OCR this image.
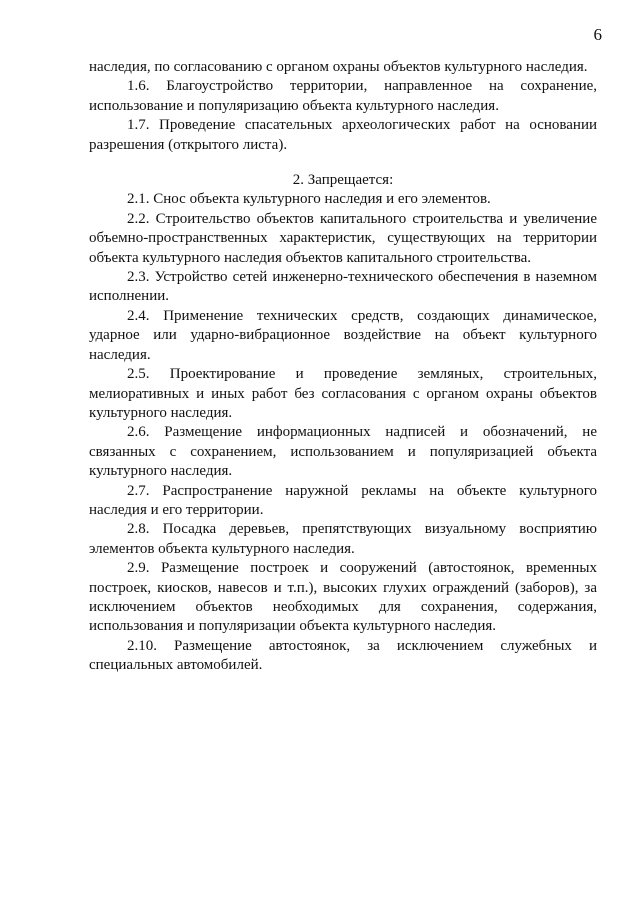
6

наследия, по согласованию с органом охраны объектов культурного наследия.

1.6. Благоустройство территории, направленное на сохранение, использование и популяризацию объекта культурного наследия.

1.7. Проведение спасательных археологических работ на основании разрешения (открытого листа).

2. Запрещается:

2.1. Снос объекта культурного наследия и его элементов.

2.2. Строительство объектов капитального строительства и увеличение объемно-пространственных характеристик, существующих на территории объекта культурного наследия объектов капитального строительства.

2.3. Устройство сетей инженерно-технического обеспечения в наземном исполнении.

2.4. Применение технических средств, создающих динамическое, ударное или ударно-вибрационное воздействие на объект культурного наследия.

2.5. Проектирование и проведение земляных, строительных, мелиоративных и иных работ без согласования с органом охраны объектов культурного наследия.

2.6. Размещение информационных надписей и обозначений, не связанных с сохранением, использованием и популяризацией объекта культурного наследия.

2.7. Распространение наружной рекламы на объекте культурного наследия и его территории.

2.8. Посадка деревьев, препятствующих визуальному восприятию элементов объекта культурного наследия.

2.9. Размещение построек и сооружений (автостоянок, временных построек, киосков, навесов и т.п.), высоких глухих ограждений (заборов), за исключением объектов необходимых для сохранения, содержания, использования и популяризации объекта культурного наследия.

2.10. Размещение автостоянок, за исключением служебных и специальных автомобилей.
